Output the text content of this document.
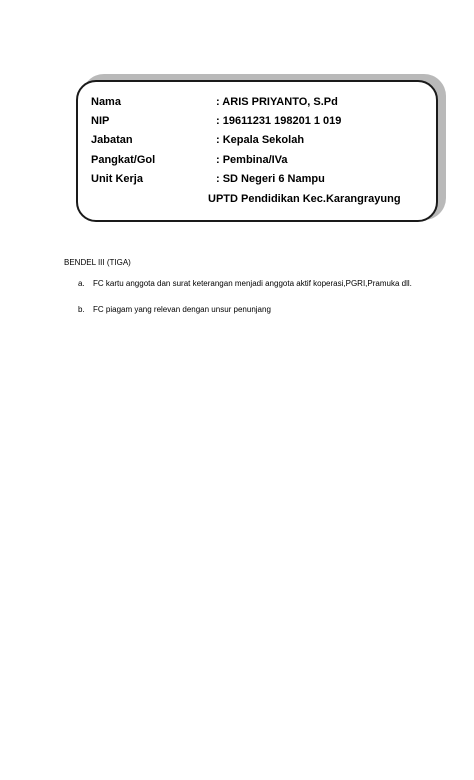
Nama	: ARIS PRIYANTO, S.Pd
NIP	: 19611231 198201 1 019
Jabatan	: Kepala Sekolah
Pangkat/Gol	: Pembina/IVa
Unit Kerja	: SD Negeri 6 Nampu
UPTD Pendidikan Kec.Karangrayung
BENDEL III (TIGA)
a. FC kartu anggota dan surat keterangan menjadi anggota aktif koperasi,PGRI,Pramuka dll.
b. FC piagam yang relevan dengan unsur penunjang
